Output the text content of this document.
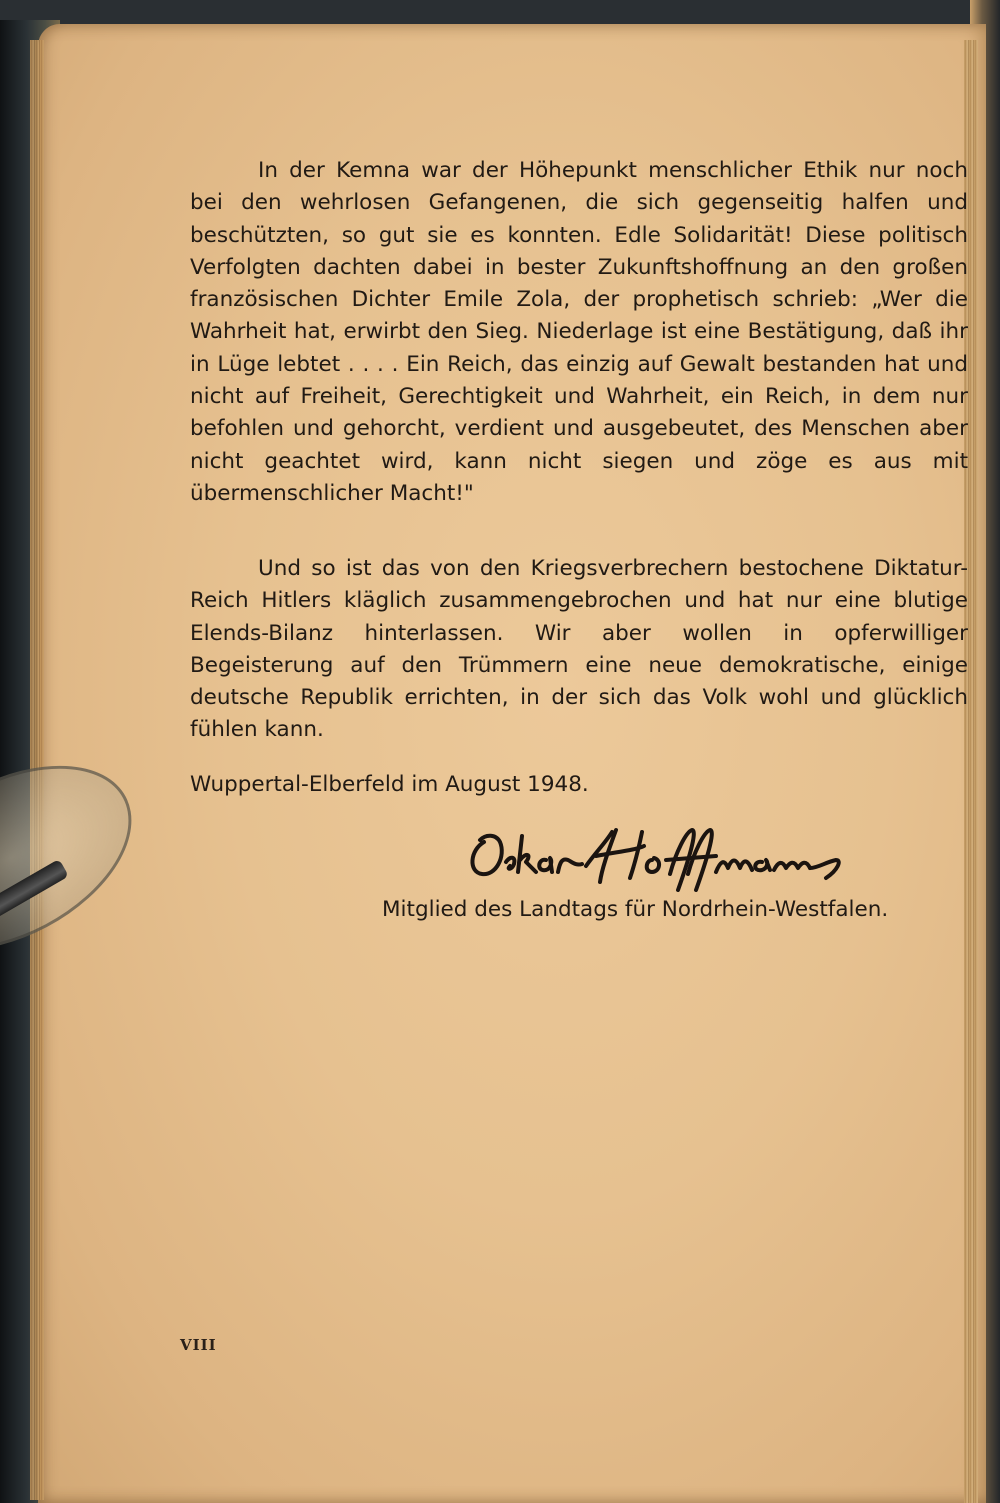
In der Kemna war der Höhepunkt menschlicher Ethik nur noch bei den wehrlosen Gefangenen, die sich gegenseitig halfen und beschützten, so gut sie es konnten. Edle Solidarität! Diese politisch Verfolgten dachten dabei in bester Zukunftshoffnung an den großen französischen Dichter Emile Zola, der prophetisch schrieb: „Wer die Wahrheit hat, erwirbt den Sieg. Niederlage ist eine Bestätigung, daß ihr in Lüge lebtet . . . . Ein Reich, das einzig auf Gewalt bestanden hat und nicht auf Freiheit, Gerechtigkeit und Wahrheit, ein Reich, in dem nur befohlen und gehorcht, verdient und ausgebeutet, des Menschen aber nicht geachtet wird, kann nicht siegen und zöge es aus mit übermenschlicher Macht!"

Und so ist das von den Kriegsverbrechern bestochene Diktatur-Reich Hitlers kläglich zusammengebrochen und hat nur eine blutige Elends-Bilanz hinterlassen. Wir aber wollen in opferwilliger Begeisterung auf den Trümmern eine neue demokratische, einige deutsche Republik errichten, in der sich das Volk wohl und glücklich fühlen kann.

Wuppertal-Elberfeld im August 1948.

Mitglied des Landtags für Nordrhein-Westfalen.

VIII
